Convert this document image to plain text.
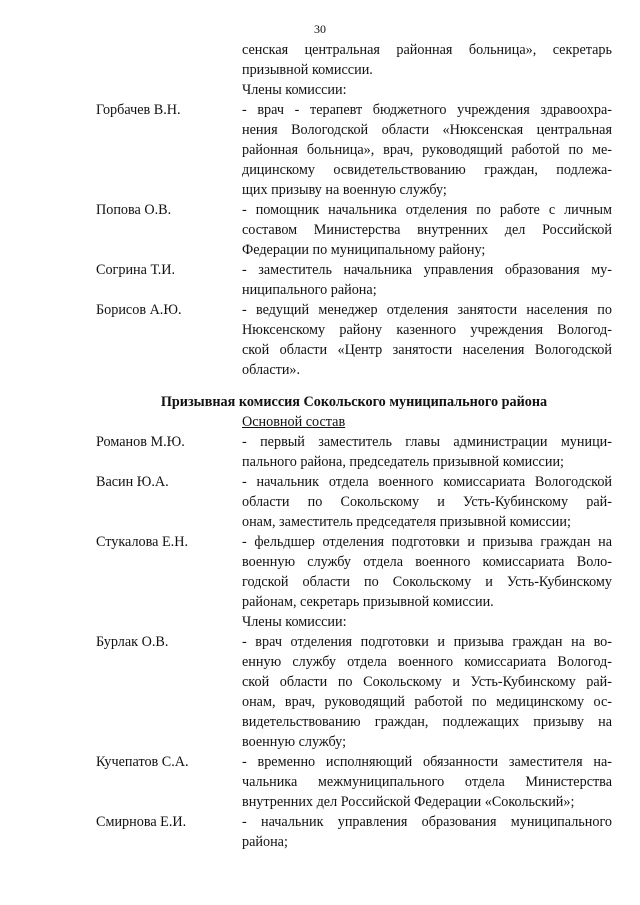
30
сенская центральная районная больница», секретарь
призывной комиссии.
Члены комиссии:
Горбачев В.Н.	- врач - терапевт бюджетного учреждения здравоохра-
нения Вологодской области «Нюксенская центральная
районная больница», врач, руководящий работой по ме-
дицинскому освидетельствованию граждан, подлежа-
щих призыву на военную службу;
Попова О.В.	- помощник начальника отделения по работе с личным
составом Министерства внутренних дел Российской
Федерации по муниципальному району;
Согрина Т.И.	- заместитель начальника управления образования му-
ниципального района;
Борисов А.Ю.	- ведущий менеджер отделения занятости населения по
Нюксенскому району казенного учреждения Вологод-
ской области «Центр занятости населения Вологодской
области».
Призывная комиссия Сокольского муниципального района
Основной состав
Романов М.Ю.	- первый заместитель главы администрации муници-
пального района, председатель призывной комиссии;
Васин Ю.А.	- начальник отдела военного комиссариата Вологодской
области по Сокольскому и Усть-Кубинскому рай-
онам, заместитель председателя призывной комиссии;
Стукалова Е.Н.	- фельдшер отделения подготовки и призыва граждан на
военную службу отдела военного комиссариата Воло-
годской области по Сокольскому и Усть-Кубинскому
районам, секретарь призывной комиссии.
Члены комиссии:
Бурлак О.В.	- врач отделения подготовки и призыва граждан на во-
енную службу отдела военного комиссариата Вологод-
ской области по Сокольскому и Усть-Кубинскому рай-
онам, врач, руководящий работой по медицинскому ос-
видетельствованию граждан, подлежащих призыву на
военную службу;
Кучепатов С.А.	- временно исполняющий обязанности заместителя на-
чальника межмуниципального отдела Министерства
внутренних дел Российской Федерации «Сокольский»;
Смирнова Е.И.	- начальник управления образования муниципального
района;
